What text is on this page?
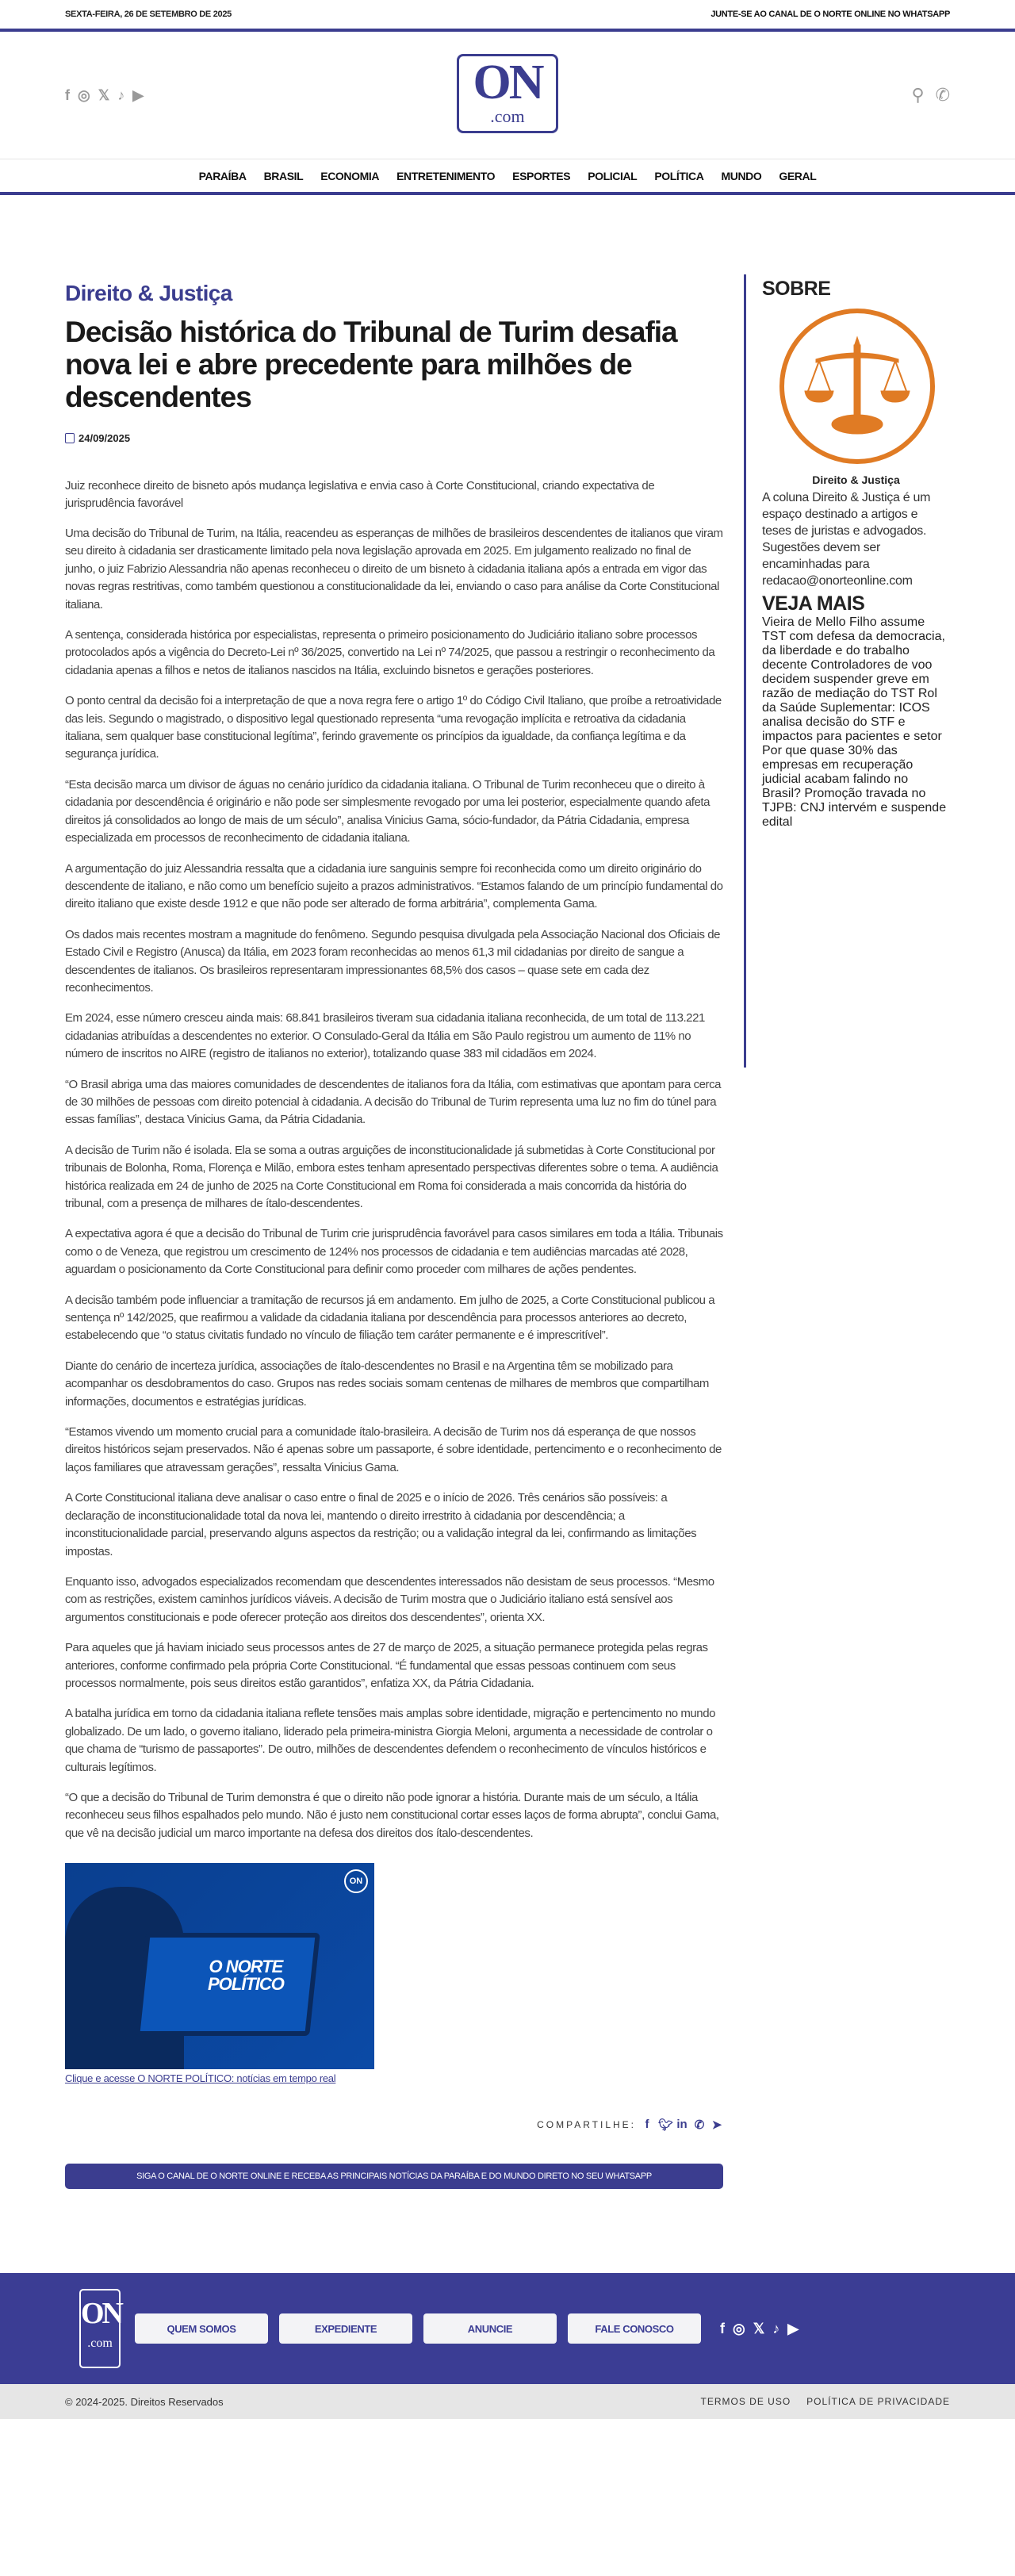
SEXTA-FEIRA, 26 DE SETEMBRO DE 2025	JUNTE-SE AO CANAL DE O NORTE ONLINE NO WHATSAPP
f ◎ 𝕏 ♪ ▶	ON
.com
⚲ ✆
PARAÍBA BRASIL ECONOMIA ENTRETENIMENTO ESPORTES POLICIAL POLÍTICA MUNDO GERAL
Direito & Justiça
Decisão histórica do Tribunal de Turim desafia nova lei e abre precedente para milhões de descendentes
24/09/2025

Juiz reconhece direito de bisneto após mudança legislativa e envia caso à Corte Constitucional, criando expectativa de jurisprudência favorável

Uma decisão do Tribunal de Turim, na Itália, reacendeu as esperanças de milhões de brasileiros descendentes de italianos que viram seu direito à cidadania ser drasticamente limitado pela nova legislação aprovada em 2025. Em julgamento realizado no final de junho, o juiz Fabrizio Alessandria não apenas reconheceu o direito de um bisneto à cidadania italiana após a entrada em vigor das novas regras restritivas, como também questionou a constitucionalidade da lei, enviando o caso para análise da Corte Constitucional italiana.

A sentença, considerada histórica por especialistas, representa o primeiro posicionamento do Judiciário italiano sobre processos protocolados após a vigência do Decreto-Lei nº 36/2025, convertido na Lei nº 74/2025, que passou a restringir o reconhecimento da cidadania apenas a filhos e netos de italianos nascidos na Itália, excluindo bisnetos e gerações posteriores.

O ponto central da decisão foi a interpretação de que a nova regra fere o artigo 1º do Código Civil Italiano, que proíbe a retroatividade das leis. Segundo o magistrado, o dispositivo legal questionado representa “uma revogação implícita e retroativa da cidadania italiana, sem qualquer base constitucional legítima”, ferindo gravemente os princípios da igualdade, da confiança legítima e da segurança jurídica.

“Esta decisão marca um divisor de águas no cenário jurídico da cidadania italiana. O Tribunal de Turim reconheceu que o direito à cidadania por descendência é originário e não pode ser simplesmente revogado por uma lei posterior, especialmente quando afeta direitos já consolidados ao longo de mais de um século”, analisa Vinicius Gama, sócio-fundador, da Pátria Cidadania, empresa especializada em processos de reconhecimento de cidadania italiana.

A argumentação do juiz Alessandria ressalta que a cidadania iure sanguinis sempre foi reconhecida como um direito originário do descendente de italiano, e não como um benefício sujeito a prazos administrativos. “Estamos falando de um princípio fundamental do direito italiano que existe desde 1912 e que não pode ser alterado de forma arbitrária”, complementa Gama.

Os dados mais recentes mostram a magnitude do fenômeno. Segundo pesquisa divulgada pela Associação Nacional dos Oficiais de Estado Civil e Registro (Anusca) da Itália, em 2023 foram reconhecidas ao menos 61,3 mil cidadanias por direito de sangue a descendentes de italianos. Os brasileiros representaram impressionantes 68,5% dos casos – quase sete em cada dez reconhecimentos.

Em 2024, esse número cresceu ainda mais: 68.841 brasileiros tiveram sua cidadania italiana reconhecida, de um total de 113.221 cidadanias atribuídas a descendentes no exterior. O Consulado-Geral da Itália em São Paulo registrou um aumento de 11% no número de inscritos no AIRE (registro de italianos no exterior), totalizando quase 383 mil cidadãos em 2024.

“O Brasil abriga uma das maiores comunidades de descendentes de italianos fora da Itália, com estimativas que apontam para cerca de 30 milhões de pessoas com direito potencial à cidadania. A decisão do Tribunal de Turim representa uma luz no fim do túnel para essas famílias”, destaca Vinicius Gama, da Pátria Cidadania.

A decisão de Turim não é isolada. Ela se soma a outras arguições de inconstitucionalidade já submetidas à Corte Constitucional por tribunais de Bolonha, Roma, Florença e Milão, embora estes tenham apresentado perspectivas diferentes sobre o tema. A audiência histórica realizada em 24 de junho de 2025 na Corte Constitucional em Roma foi considerada a mais concorrida da história do tribunal, com a presença de milhares de ítalo-descendentes.

A expectativa agora é que a decisão do Tribunal de Turim crie jurisprudência favorável para casos similares em toda a Itália. Tribunais como o de Veneza, que registrou um crescimento de 124% nos processos de cidadania e tem audiências marcadas até 2028, aguardam o posicionamento da Corte Constitucional para definir como proceder com milhares de ações pendentes.

A decisão também pode influenciar a tramitação de recursos já em andamento. Em julho de 2025, a Corte Constitucional publicou a sentença nº 142/2025, que reafirmou a validade da cidadania italiana por descendência para processos anteriores ao decreto, estabelecendo que “o status civitatis fundado no vínculo de filiação tem caráter permanente e é imprescritível”.

Diante do cenário de incerteza jurídica, associações de ítalo-descendentes no Brasil e na Argentina têm se mobilizado para acompanhar os desdobramentos do caso. Grupos nas redes sociais somam centenas de milhares de membros que compartilham informações, documentos e estratégias jurídicas.

“Estamos vivendo um momento crucial para a comunidade ítalo-brasileira. A decisão de Turim nos dá esperança de que nossos direitos históricos sejam preservados. Não é apenas sobre um passaporte, é sobre identidade, pertencimento e o reconhecimento de laços familiares que atravessam gerações”, ressalta Vinicius Gama.

A Corte Constitucional italiana deve analisar o caso entre o final de 2025 e o início de 2026. Três cenários são possíveis: a declaração de inconstitucionalidade total da nova lei, mantendo o direito irrestrito à cidadania por descendência; a inconstitucionalidade parcial, preservando alguns aspectos da restrição; ou a validação integral da lei, confirmando as limitações impostas.

Enquanto isso, advogados especializados recomendam que descendentes interessados não desistam de seus processos. “Mesmo com as restrições, existem caminhos jurídicos viáveis. A decisão de Turim mostra que o Judiciário italiano está sensível aos argumentos constitucionais e pode oferecer proteção aos direitos dos descendentes”, orienta XX.

Para aqueles que já haviam iniciado seus processos antes de 27 de março de 2025, a situação permanece protegida pelas regras anteriores, conforme confirmado pela própria Corte Constitucional. “É fundamental que essas pessoas continuem com seus processos normalmente, pois seus direitos estão garantidos”, enfatiza XX, da Pátria Cidadania.

A batalha jurídica em torno da cidadania italiana reflete tensões mais amplas sobre identidade, migração e pertencimento no mundo globalizado. De um lado, o governo italiano, liderado pela primeira-ministra Giorgia Meloni, argumenta a necessidade de controlar o que chama de “turismo de passaportes”. De outro, milhões de descendentes defendem o reconhecimento de vínculos históricos e culturais legítimos.

“O que a decisão do Tribunal de Turim demonstra é que o direito não pode ignorar a história. Durante mais de um século, a Itália reconheceu seus filhos espalhados pelo mundo. Não é justo nem constitucional cortar esses laços de forma abrupta”, conclui Gama, que vê na decisão judicial um marco importante na defesa dos direitos dos ítalo-descendentes.

O NORTE
POLÍTICO
ON
Clique e acesse O NORTE POLÍTICO: notícias em tempo real
COMPARTILHE: f 🐦︎ in ✆ ➤
SIGA O CANAL DE O NORTE ONLINE E RECEBA AS PRINCIPAIS NOTÍCIAS DA PARAÍBA E DO MUNDO DIRETO NO SEU WHATSAPP
SOBRE
Direito & Justiça

A coluna Direito & Justiça é um espaço destinado a artigos e teses de juristas e advogados. Sugestões devem ser encaminhadas para redacao@onorteonline.com

VEJA MAIS
Vieira de Mello Filho assume TST com defesa da democracia, da liberdade e do trabalho decente Controladores de voo decidem suspender greve em razão de mediação do TST Rol da Saúde Suplementar: ICOS analisa decisão do STF e impactos para pacientes e setor Por que quase 30% das empresas em recuperação judicial acabam falindo no Brasil? Promoção travada no TJPB: CNJ intervém e suspende edital
ON
.com
QUEM SOMOS	EXPEDIENTE	ANUNCIE	FALE CONOSCO	f ◎ 𝕏 ♪ ▶
© 2024-2025. Direitos Reservados	TERMOS DE USO POLÍTICA DE PRIVACIDADE
